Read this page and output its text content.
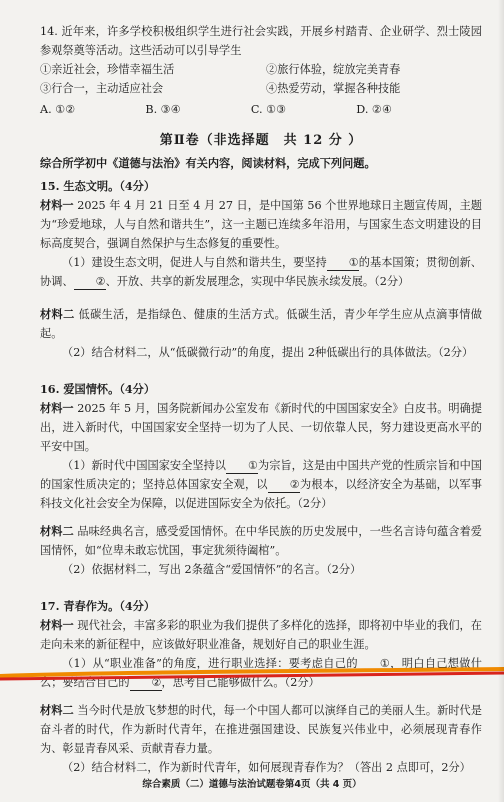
14. 近年来，许多学校积极组织学生进行社会实践，开展乡村踏青、企业研学、烈士陵园参观祭奠等活动。这些活动可以引导学生

①亲近社会，珍惜幸福生活	②旅行体验，绽放完美青春
③行合一，主动适应社会	④热爱劳动，掌握各种技能
A. ①②	B. ③④	C. ①③	D. ②④
第Ⅱ卷（非选择题　共 12 分 ）

综合所学初中《道德与法治》有关内容，阅读材料，完成下列问题。

15. 生态文明。（4分）

材料一 2025 年 4 月 21 日至 4 月 27 日，是中国第 56 个世界地球日主题宣传周，主题为“珍爱地球，人与自然和谐共生”，这一主题已连续多年沿用，与国家生态文明建设的目标高度契合，强调自然保护与生态修复的重要性。

（1）建设生态文明，促进人与自然和谐共生，要坚持 ①的基本国策；贯彻创新、协调、 ②、开放、共享的新发展理念，实现中华民族永续发展。（2分）

材料二 低碳生活，是指绿色、健康的生活方式。低碳生活，青少年学生应从点滴事情做起。

（2）结合材料二，从“低碳微行动”的角度，提出 2种低碳出行的具体做法。（2分）

16. 爱国情怀。（4分）

材料一 2025 年 5 月，国务院新闻办公室发布《新时代的中国国家安全》白皮书。明确提出，进入新时代，中国国家安全坚持一切为了人民、一切依靠人民，努力建设更高水平的平安中国。

（1）新时代中国国家安全坚持以 ①为宗旨，这是由中国共产党的性质宗旨和中国的国家性质决定的；坚持总体国家安全观，以 ②为根本，以经济安全为基础，以军事科技文化社会安全为保障，以促进国际安全为依托。（2分）

材料二 品味经典名言，感受爱国情怀。在中华民族的历史发展中，一些名言诗句蕴含着爱国情怀，如“位卑未敢忘忧国，事定犹须待阖棺”。

（2）依据材料二，写出 2条蕴含“爱国情怀”的名言。（2分）

17. 青春作为。（4分）

材料一 现代社会，丰富多彩的职业为我们提供了多样化的选择，即将初中毕业的我们，在走向未来的新征程中，应该做好职业准备，规划好自己的职业生涯。

（1）从“职业准备”的角度，进行职业选择：要考虑自己的 ①，明白自己想做什么；要结合自己的 ②，思考自己能够做什么。（2分）

材料二 当今时代是放飞梦想的时代，每一个中国人都可以演绎自己的美丽人生。新时代是奋斗者的时代，作为新时代青年，在推进强国建设、民族复兴伟业中，必须展现青春作为、彰显青春风采、贡献青春力量。

（2）结合材料二，作为新时代青年，如何展现青春作为？（答出 2 点即可，2分）

综合素质（二）道德与法治试题卷第4页（共 4 页）
